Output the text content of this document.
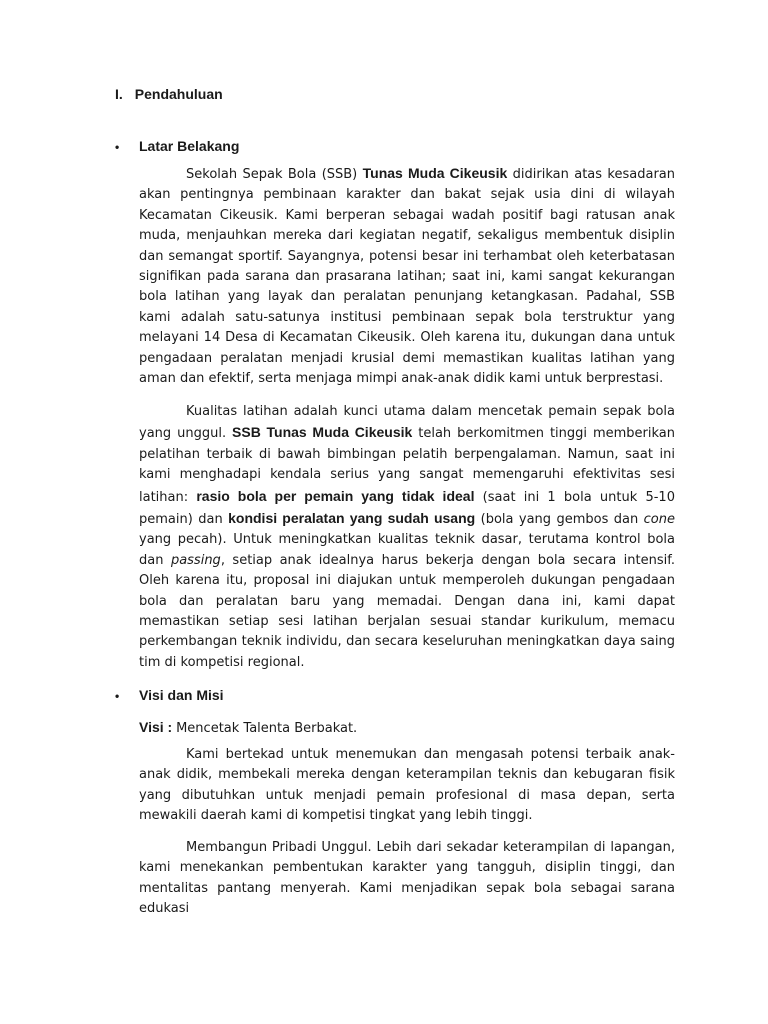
I. Pendahuluan
•	Latar Belakang

Sekolah Sepak Bola (SSB) Tunas Muda Cikeusik didirikan atas kesadaran akan pentingnya pembinaan karakter dan bakat sejak usia dini di wilayah Kecamatan Cikeusik. Kami berperan sebagai wadah positif bagi ratusan anak muda, menjauhkan mereka dari kegiatan negatif, sekaligus membentuk disiplin dan semangat sportif. Sayangnya, potensi besar ini terhambat oleh keterbatasan signifikan pada sarana dan prasarana latihan; saat ini, kami sangat kekurangan bola latihan yang layak dan peralatan penunjang ketangkasan. Padahal, SSB kami adalah satu-satunya institusi pembinaan sepak bola terstruktur yang melayani 14 Desa di Kecamatan Cikeusik. Oleh karena itu, dukungan dana untuk pengadaan peralatan menjadi krusial demi memastikan kualitas latihan yang aman dan efektif, serta menjaga mimpi anak-anak didik kami untuk berprestasi.

Kualitas latihan adalah kunci utama dalam mencetak pemain sepak bola yang unggul. SSB Tunas Muda Cikeusik telah berkomitmen tinggi memberikan pelatihan terbaik di bawah bimbingan pelatih berpengalaman. Namun, saat ini kami menghadapi kendala serius yang sangat memengaruhi efektivitas sesi latihan: rasio bola per pemain yang tidak ideal (saat ini 1 bola untuk 5-10 pemain) dan kondisi peralatan yang sudah usang (bola yang gembos dan cone yang pecah). Untuk meningkatkan kualitas teknik dasar, terutama kontrol bola dan passing, setiap anak idealnya harus bekerja dengan bola secara intensif. Oleh karena itu, proposal ini diajukan untuk memperoleh dukungan pengadaan bola dan peralatan baru yang memadai. Dengan dana ini, kami dapat memastikan setiap sesi latihan berjalan sesuai standar kurikulum, memacu perkembangan teknik individu, dan secara keseluruhan meningkatkan daya saing tim di kompetisi regional.

•	Visi dan Misi
Visi : Mencetak Talenta Berbakat.

Kami bertekad untuk menemukan dan mengasah potensi terbaik anak-anak didik, membekali mereka dengan keterampilan teknis dan kebugaran fisik yang dibutuhkan untuk menjadi pemain profesional di masa depan, serta mewakili daerah kami di kompetisi tingkat yang lebih tinggi.

Membangun Pribadi Unggul. Lebih dari sekadar keterampilan di lapangan, kami menekankan pembentukan karakter yang tangguh, disiplin tinggi, dan mentalitas pantang menyerah. Kami menjadikan sepak bola sebagai sarana edukasi
